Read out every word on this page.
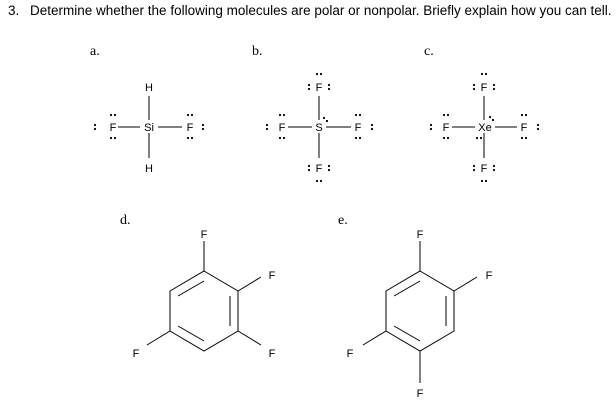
3. Determine whether the following molecules are polar or nonpolar. Briefly explain how you can tell.
a.	b.	c.
d.	e.
H
Si
H
F	F
F
S
F
F	F
F
Xe
F
F	F
F
F
F
F
F
F
F
F
